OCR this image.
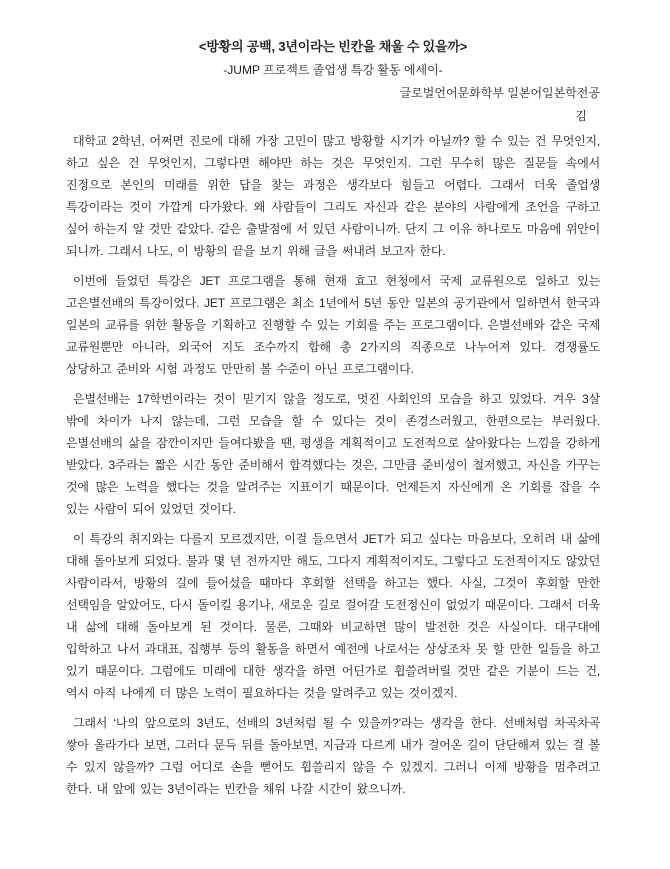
<방황의 공백, 3년이라는 빈칸을 채울 수 있을까>
-JUMP 프로젝트 졸업생 특강 활동 에세이-
글로벌언어문화학부 일본어일본학전공
김

대학교 2학년, 어쩌면 진로에 대해 가장 고민이 많고 방황할 시기가 아닐까? 할 수 있는 건 무엇인지, 하고 싶은 건 무엇인지, 그렇다면 해야만 하는 것은 무엇인지. 그런 무수히 많은 질문들 속에서 진정으로 본인의 미래를 위한 답을 찾는 과정은 생각보다 힘들고 어렵다. 그래서 더욱 졸업생 특강이라는 것이 가깝게 다가왔다. 왜 사람들이 그리도 자신과 같은 분야의 사람에게 조언을 구하고 싶어 하는지 알 것만 같았다. 같은 출발점에 서 있던 사람이니까. 단지 그 이유 하나로도 마음에 위안이 되니까. 그래서 나도, 이 방황의 끝을 보기 위해 글을 써내려 보고자 한다.

이번에 들었던 특강은 JET 프로그램을 통해 현재 효고 현청에서 국제 교류원으로 일하고 있는 고은별선배의 특강이었다. JET 프로그램은 최소 1년에서 5년 동안 일본의 공기관에서 일하면서 한국과 일본의 교류를 위한 활동을 기획하고 진행할 수 있는 기회를 주는 프로그램이다. 은별선배와 같은 국제 교류원뿐만 아니라, 외국어 지도 조수까지 합해 총 2가지의 직종으로 나누어져 있다. 경쟁률도 상당하고 준비와 시험 과정도 만만히 볼 수준이 아닌 프로그램이다.

은별선배는 17학번이라는 것이 믿기지 않을 정도로, 멋진 사회인의 모습을 하고 있었다. 겨우 3살 밖에 차이가 나지 않는데, 그런 모습을 할 수 있다는 것이 존경스러웠고, 한편으로는 부러웠다. 은별선배의 삶을 잠깐이지만 들여다봤을 땐, 평생을 계획적이고 도전적으로 살아왔다는 느낌을 강하게 받았다. 3주라는 짧은 시간 동안 준비해서 합격했다는 것은, 그만큼 준비성이 철저했고, 자신을 가꾸는 것에 많은 노력을 했다는 것을 알려주는 지표이기 때문이다. 언제든지 자신에게 온 기회를 잡을 수 있는 사람이 되어 있었던 것이다.

이 특강의 취지와는 다를지 모르겠지만, 이걸 들으면서 JET가 되고 싶다는 마음보다, 오히려 내 삶에 대해 돌아보게 되었다. 불과 몇 년 전까지만 해도, 그다지 계획적이지도, 그렇다고 도전적이지도 않았던 사람이라서, 방황의 길에 들어섰을 때마다 후회할 선택을 하고는 했다. 사실, 그것이 후회할 만한 선택임을 알았어도, 다시 돌이킬 용기나, 새로운 길로 걸어갈 도전정신이 없었기 때문이다. 그래서 더욱 내 삶에 대해 돌아보게 된 것이다. 물론, 그때와 비교하면 많이 발전한 것은 사실이다. 대구대에 입학하고 나서 과대표, 집행부 등의 활동을 하면서 예전에 나로서는 상상조차 못 할 만한 일들을 하고 있기 때문이다. 그럼에도 미래에 대한 생각을 하면 어딘가로 휩쓸려버릴 것만 같은 기분이 드는 건, 역시 아직 나에게 더 많은 노력이 필요하다는 것을 알려주고 있는 것이겠지.

그래서 ‘나의 앞으로의 3년도, 선배의 3년처럼 될 수 있을까?’라는 생각을 한다. 선배처럼 차곡차곡 쌓아 올라가다 보면, 그러다 문득 뒤를 돌아보면, 지금과 다르게 내가 걸어온 길이 단단해져 있는 걸 볼 수 있지 않을까? 그럼 어디로 손을 뻗어도 휩쓸리지 않을 수 있겠지. 그러니 이제 방황을 멈추려고 한다. 내 앞에 있는 3년이라는 빈칸을 채워 나갈 시간이 왔으니까.
